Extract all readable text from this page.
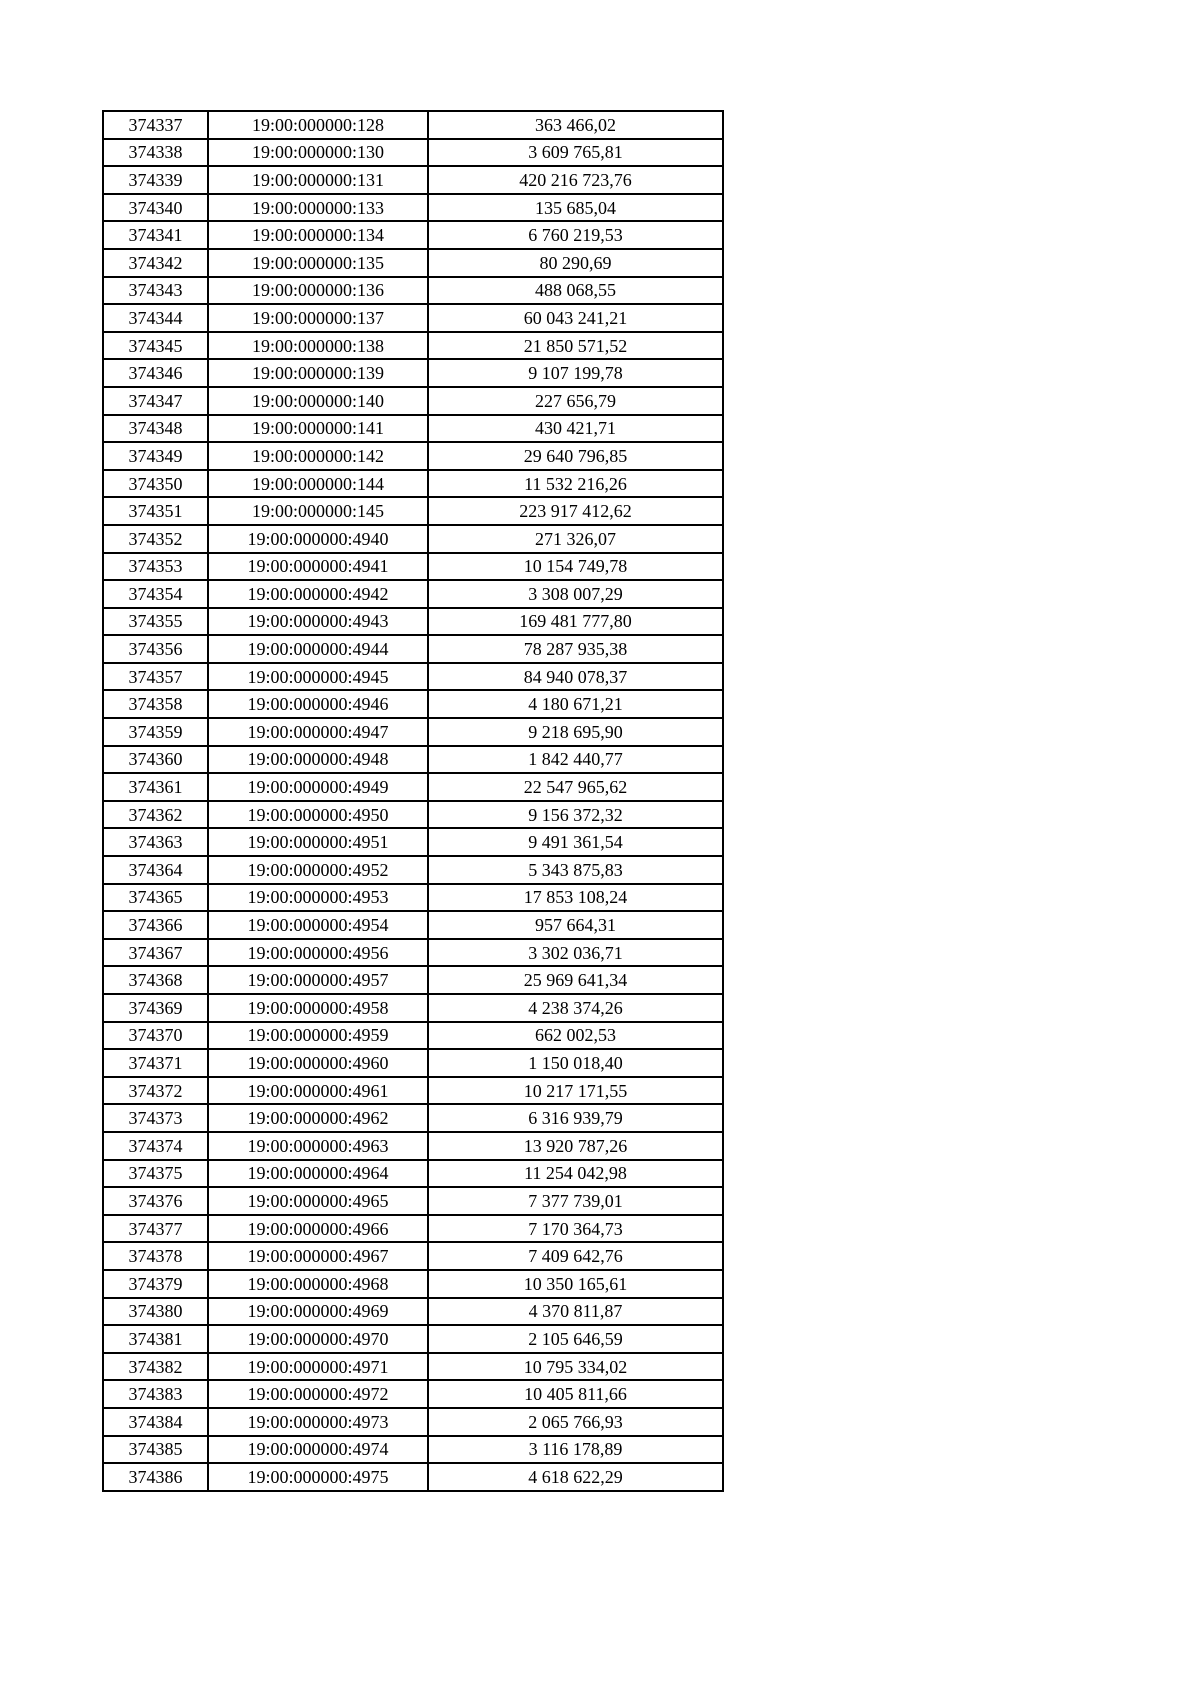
374337	19:00:000000:128	363 466,02
374338	19:00:000000:130	3 609 765,81
374339	19:00:000000:131	420 216 723,76
374340	19:00:000000:133	135 685,04
374341	19:00:000000:134	6 760 219,53
374342	19:00:000000:135	80 290,69
374343	19:00:000000:136	488 068,55
374344	19:00:000000:137	60 043 241,21
374345	19:00:000000:138	21 850 571,52
374346	19:00:000000:139	9 107 199,78
374347	19:00:000000:140	227 656,79
374348	19:00:000000:141	430 421,71
374349	19:00:000000:142	29 640 796,85
374350	19:00:000000:144	11 532 216,26
374351	19:00:000000:145	223 917 412,62
374352	19:00:000000:4940	271 326,07
374353	19:00:000000:4941	10 154 749,78
374354	19:00:000000:4942	3 308 007,29
374355	19:00:000000:4943	169 481 777,80
374356	19:00:000000:4944	78 287 935,38
374357	19:00:000000:4945	84 940 078,37
374358	19:00:000000:4946	4 180 671,21
374359	19:00:000000:4947	9 218 695,90
374360	19:00:000000:4948	1 842 440,77
374361	19:00:000000:4949	22 547 965,62
374362	19:00:000000:4950	9 156 372,32
374363	19:00:000000:4951	9 491 361,54
374364	19:00:000000:4952	5 343 875,83
374365	19:00:000000:4953	17 853 108,24
374366	19:00:000000:4954	957 664,31
374367	19:00:000000:4956	3 302 036,71
374368	19:00:000000:4957	25 969 641,34
374369	19:00:000000:4958	4 238 374,26
374370	19:00:000000:4959	662 002,53
374371	19:00:000000:4960	1 150 018,40
374372	19:00:000000:4961	10 217 171,55
374373	19:00:000000:4962	6 316 939,79
374374	19:00:000000:4963	13 920 787,26
374375	19:00:000000:4964	11 254 042,98
374376	19:00:000000:4965	7 377 739,01
374377	19:00:000000:4966	7 170 364,73
374378	19:00:000000:4967	7 409 642,76
374379	19:00:000000:4968	10 350 165,61
374380	19:00:000000:4969	4 370 811,87
374381	19:00:000000:4970	2 105 646,59
374382	19:00:000000:4971	10 795 334,02
374383	19:00:000000:4972	10 405 811,66
374384	19:00:000000:4973	2 065 766,93
374385	19:00:000000:4974	3 116 178,89
374386	19:00:000000:4975	4 618 622,29
